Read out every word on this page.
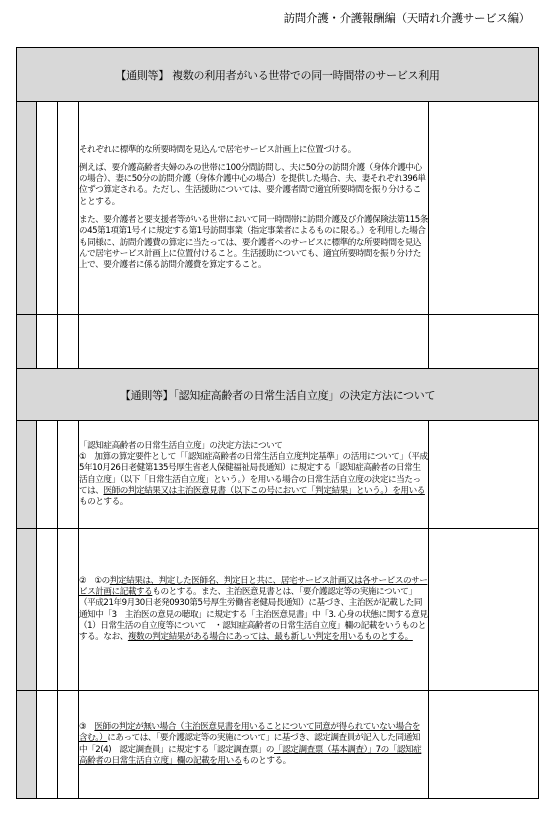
訪問介護・介護報酬編（天晴れ介護サービス編）
【通則等】 複数の利用者がいる世帯での同一時間帯のサービス利用				

			それぞれに標準的な所要時間を見込んで居宅サービス計画上に位置づける。

例えば、要介護高齢者夫婦のみの世帯に100分間訪問し、夫に50分の訪問介護（身体介護中心の場合）、妻に50分の訪問介護（身体介護中心の場合）を提供した場合、夫、妻それぞれ396単位ずつ算定される。ただし、生活援助については、要介護者間で適宜所要時間を振り分けることとする。

また、要介護者と要支援者等がいる世帯において同一時間帯に訪問介護及び介護保険法第115条の45第1項第1号イに規定する第1号訪問事業（指定事業者によるものに限る。）を利用した場合も同様に、訪問介護費の算定に当たっては、要介護者へのサービスに標準的な所要時間を見込んで居宅サービス計画上に位置付けること。生活援助についても、適宜所要時間を振り分けた上で、要介護者に係る訪問介護費を算定すること。	

【通則等】「認知症高齢者の日常生活自立度」の決定方法について				

			「認知症高齢者の日常生活自立度」の決定方法について
①　加算の算定要件として「「認知症高齢者の日常生活自立度判定基準」の活用について」（平成5年10月26日老健第135号厚生省老人保健福祉局長通知）に規定する「認知症高齢者の日常生活自立度」（以下「日常生活自立度」という。）を用いる場合の日常生活自立度の決定に当たっては、医師の判定結果又は主治医意見書（以下この号において「判定結果」という。）を用いるものとする。	

			②　①の判定結果は、判定した医師名、判定日と共に、居宅サービス計画又は各サービスのサービス計画に記載するものとする。また、主治医意見書とは、「要介護認定等の実施について」（平成21年9月30日老発0930第5号厚生労働省老健局長通知）に基づき、主治医が記載した同通知中「3　主治医の意見の聴取」に規定する「主治医意見書」中「3. 心身の状態に関する意見（1）日常生活の自立度等について　・認知症高齢者の日常生活自立度」欄の記載をいうものとする。なお、複数の判定結果がある場合にあっては、最も新しい判定を用いるものとする。	

			③　医師の判定が無い場合（主治医意見書を用いることについて同意が得られていない場合を含む。）にあっては、「要介護認定等の実施について」に基づき、認定調査員が記入した同通知中「2(4)　認定調査員」に規定する「認定調査票」の「認定調査票（基本調査）」7の「認知症高齢者の日常生活自立度」欄の記載を用いるものとする。	
